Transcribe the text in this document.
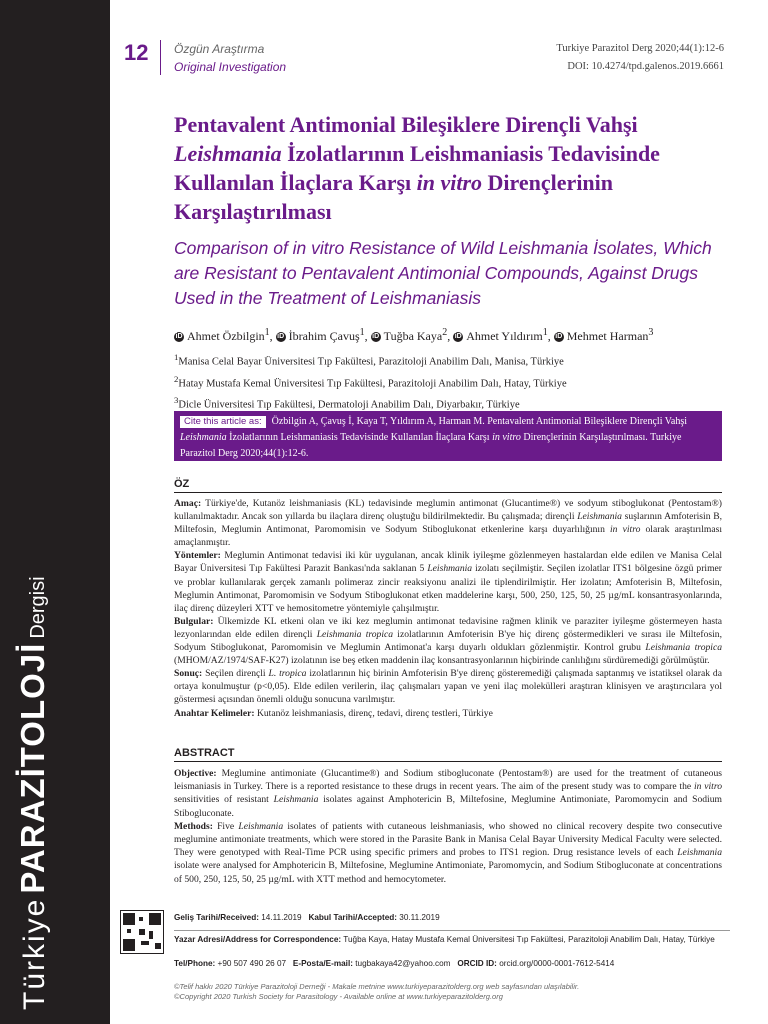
Türkiye PARAZİTOLOJİ Dergisi
12 Özgün Araştırma
Original Investigation
Turkiye Parazitol Derg 2020;44(1):12-6
DOI: 10.4274/tpd.galenos.2019.6661
Pentavalent Antimonial Bileşiklere Dirençli Vahşi Leishmania İzolatlarının Leishmaniasis Tedavisinde Kullanılan İlaçlara Karşı in vitro Dirençlerinin Karşılaştırılması
Comparison of in vitro Resistance of Wild Leishmania İsolates, Which are Resistant to Pentavalent Antimonial Compounds, Against Drugs Used in the Treatment of Leishmaniasis
iD Ahmet Özbilgin$^1$, iD İbrahim Çavuş$^1$, iD Tuğba Kaya$^2$, iD Ahmet Yıldırım$^1$, iD Mehmet Harman$^3$
$^1$Manisa Celal Bayar Üniversitesi Tıp Fakültesi, Parazitoloji Anabilim Dalı, Manisa, Türkiye
$^2$Hatay Mustafa Kemal Üniversitesi Tıp Fakültesi, Parazitoloji Anabilim Dalı, Hatay, Türkiye
$^3$Dicle Üniversitesi Tıp Fakültesi, Dermatoloji Anabilim Dalı, Diyarbakır, Türkiye
Cite this article as: Özbilgin A, Çavuş İ, Kaya T, Yıldırım A, Harman M. Pentavalent Antimonial Bileşiklere Dirençli Vahşi Leishmania İzolatlarının Leishmaniasis Tedavisinde Kullanılan İlaçlara Karşı in vitro Dirençlerinin Karşılaştırılması. Turkiye Parazitol Derg 2020;44(1):12-6.
ÖZ

Amaç: Türkiye'de, Kutanöz leishmaniasis (KL) tedavisinde meglumin antimonat (Glucantime®) ve sodyum stiboglukonat (Pentostam®) kullanılmaktadır. Ancak son yıllarda bu ilaçlara direnç oluştuğu bildirilmektedir. Bu çalışmada; dirençli Leishmania suşlarının Amfoterisin B, Miltefosin, Meglumin Antimonat, Paromomisin ve Sodyum Stiboglukonat etkenlerine karşı duyarlılığının in vitro olarak araştırılması amaçlanmıştır.

Yöntemler: Meglumin Antimonat tedavisi iki kür uygulanan, ancak klinik iyileşme gözlenmeyen hastalardan elde edilen ve Manisa Celal Bayar Üniversitesi Tıp Fakültesi Parazit Bankası'nda saklanan 5 Leishmania izolatı seçilmiştir. Seçilen izolatlar ITS1 bölgesine özgü primer ve problar kullanılarak gerçek zamanlı polimeraz zincir reaksiyonu analizi ile tiplendirilmiştir. Her izolatın; Amfoterisin B, Miltefosin, Meglumin Antimonat, Paromomisin ve Sodyum Stiboglukonat etken maddelerine karşı, 500, 250, 125, 50, 25 µg/mL konsantrasyonlarında, ilaç direnç düzeyleri XTT ve hemositometre yöntemiyle çalışılmıştır.

Bulgular: Ülkemizde KL etkeni olan ve iki kez meglumin antimonat tedavisine rağmen klinik ve paraziter iyileşme göstermeyen hasta lezyonlarından elde edilen dirençli Leishmania tropica izolatlarının Amfoterisin B'ye hiç direnç göstermedikleri ve sırası ile Miltefosin, Sodyum Stiboglukonat, Paromomisin ve Meglumin Antimonat'a karşı duyarlı oldukları gözlenmiştir. Kontrol grubu Leishmania tropica (MHOM/AZ/1974/SAF-K27) izolatının ise beş etken maddenin ilaç konsantrasyonlarının hiçbirinde canlılığını sürdüremediği görülmüştür.

Sonuç: Seçilen dirençli L. tropica izolatlarının hiç birinin Amfoterisin B'ye direnç gösteremediği çalışmada saptanmış ve istatiksel olarak da ortaya konulmuştur (p<0,05). Elde edilen verilerin, ilaç çalışmaları yapan ve yeni ilaç molekülleri araştıran klinisyen ve araştırıcılara yol göstermesi açısından önemli olduğu sonucuna varılmıştır.

Anahtar Kelimeler: Kutanöz leishmaniasis, direnç, tedavi, direnç testleri, Türkiye

ABSTRACT

Objective: Meglumine antimoniate (Glucantime®) and Sodium stibogluconate (Pentostam®) are used for the treatment of cutaneous leismaniasis in Turkey. There is a reported resistance to these drugs in recent years. The aim of the present study was to compare the in vitro sensitivities of resistant Leishmania isolates against Amphotericin B, Miltefosine, Meglumine Antimoniate, Paromomycin and Sodium Stibogluconate.

Methods: Five Leishmania isolates of patients with cutaneous leishmaniasis, who showed no clinical recovery despite two consecutive meglumine antimoniate treatments, which were stored in the Parasite Bank in Manisa Celal Bayar University Medical Faculty were selected. They were genotyped with Real-Time PCR using specific primers and probes to ITS1 region. Drug resistance levels of each Leishmania isolate were analysed for Amphotericin B, Miltefosine, Meglumine Antimoniate, Paromomycin, and Sodium Stibogluconate at concentrations of 500, 250, 125, 50, 25 µg/mL with XTT method and hemocytometer.

Geliş Tarihi/Received: 14.11.2019 Kabul Tarihi/Accepted: 30.11.2019
Yazar Adresi/Address for Correspondence: Tuğba Kaya, Hatay Mustafa Kemal Üniversitesi Tıp Fakültesi, Parazitoloji Anabilim Dalı, Hatay, Türkiye
Tel/Phone: +90 507 490 26 07 E-Posta/E-mail: tugbakaya42@yahoo.com ORCID ID: orcid.org/0000-0001-7612-5414
©Telif hakkı 2020 Türkiye Parazitoloji Derneği - Makale metnine www.turkiyeparazitolderg.org web sayfasından ulaşılabilir.
©Copyright 2020 Turkish Society for Parasitology - Available online at www.turkiyeparazitolderg.org
